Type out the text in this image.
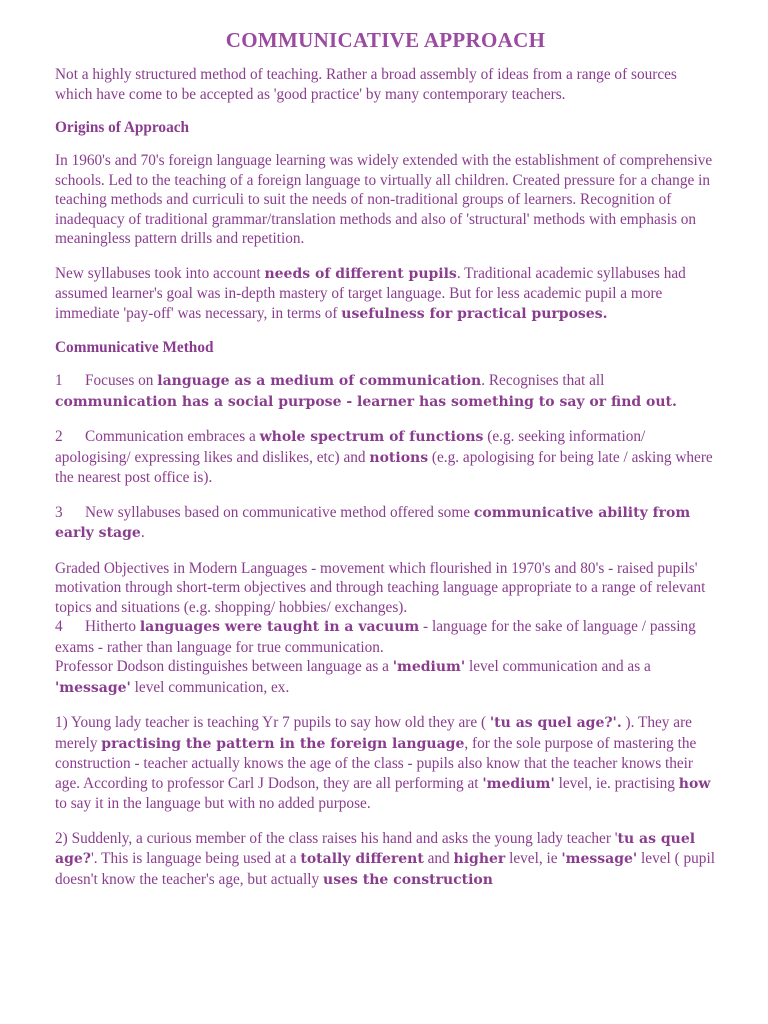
COMMUNICATIVE APPROACH

Not a highly structured method of teaching. Rather a broad assembly of ideas from a range of sources which have come to be accepted as 'good practice' by many contemporary teachers.

Origins of Approach

In 1960's and 70's foreign language learning was widely extended with the establishment of comprehensive schools. Led to the teaching of a foreign language to virtually all children. Created pressure for a change in teaching methods and curriculi to suit the needs of non-traditional groups of learners. Recognition of inadequacy of traditional grammar/translation methods and also of 'structural' methods with emphasis on meaningless pattern drills and repetition.

New syllabuses took into account needs of different pupils. Traditional academic syllabuses had assumed learner's goal was in-depth mastery of target language. But for less academic pupil a more immediate 'pay-off' was necessary, in terms of usefulness for practical purposes.

Communicative Method

1 Focuses on language as a medium of communication. Recognises that all communication has a social purpose - learner has something to say or find out.

2 Communication embraces a whole spectrum of functions (e.g. seeking information/ apologising/ expressing likes and dislikes, etc) and notions (e.g. apologising for being late / asking where the nearest post office is).

3 New syllabuses based on communicative method offered some communicative ability from early stage.

Graded Objectives in Modern Languages - movement which flourished in 1970's and 80's - raised pupils' motivation through short-term objectives and through teaching language appropriate to a range of relevant topics and situations (e.g. shopping/ hobbies/ exchanges).

4 Hitherto languages were taught in a vacuum - language for the sake of language / passing exams - rather than language for true communication.

Professor Dodson distinguishes between language as a 'medium' level communication and as a 'message' level communication, ex.

1) Young lady teacher is teaching Yr 7 pupils to say how old they are ( 'tu as quel age?'. ). They are merely practising the pattern in the foreign language, for the sole purpose of mastering the construction - teacher actually knows the age of the class - pupils also know that the teacher knows their age. According to professor Carl J Dodson, they are all performing at 'medium' level, ie. practising how to say it in the language but with no added purpose.

2) Suddenly, a curious member of the class raises his hand and asks the young lady teacher 'tu as quel age?'. This is language being used at a totally different and higher level, ie 'message' level ( pupil doesn't know the teacher's age, but actually uses the construction
